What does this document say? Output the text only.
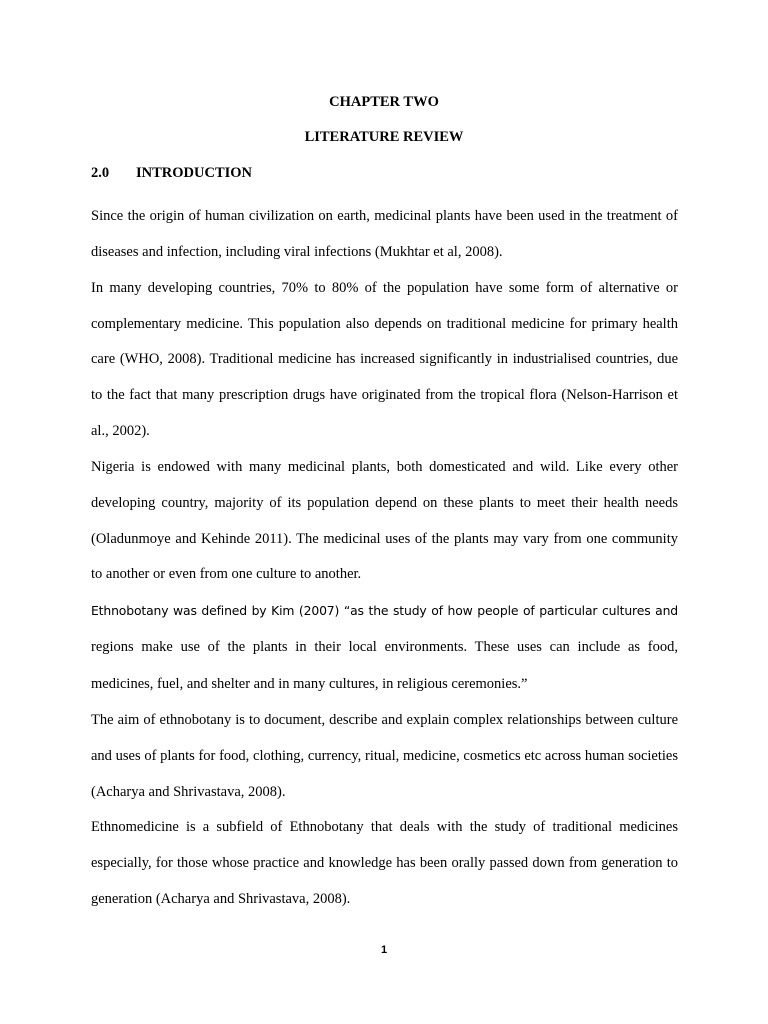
CHAPTER TWO
LITERATURE REVIEW
2.0 INTRODUCTION

Since the origin of human civilization on earth, medicinal plants have been used in the treatment of diseases and infection, including viral infections (Mukhtar et al, 2008).

In many developing countries, 70% to 80% of the population have some form of alternative or complementary medicine. This population also depends on traditional medicine for primary health care (WHO, 2008). Traditional medicine has increased significantly in industrialised countries, due to the fact that many prescription drugs have originated from the tropical flora (Nelson-Harrison et al., 2002).

Nigeria is endowed with many medicinal plants, both domesticated and wild. Like every other developing country, majority of its population depend on these plants to meet their health needs (Oladunmoye and Kehinde 2011). The medicinal uses of the plants may vary from one community to another or even from one culture to another.

Ethnobotany was defined by Kim (2007) “as the study of how people of particular cultures and regions make use of the plants in their local environments. These uses can include as food, medicines, fuel, and shelter and in many cultures, in religious ceremonies.”

The aim of ethnobotany is to document, describe and explain complex relationships between culture and uses of plants for food, clothing, currency, ritual, medicine, cosmetics etc across human societies (Acharya and Shrivastava, 2008).

Ethnomedicine is a subfield of Ethnobotany that deals with the study of traditional medicines especially, for those whose practice and knowledge has been orally passed down from generation to generation (Acharya and Shrivastava, 2008).

1
